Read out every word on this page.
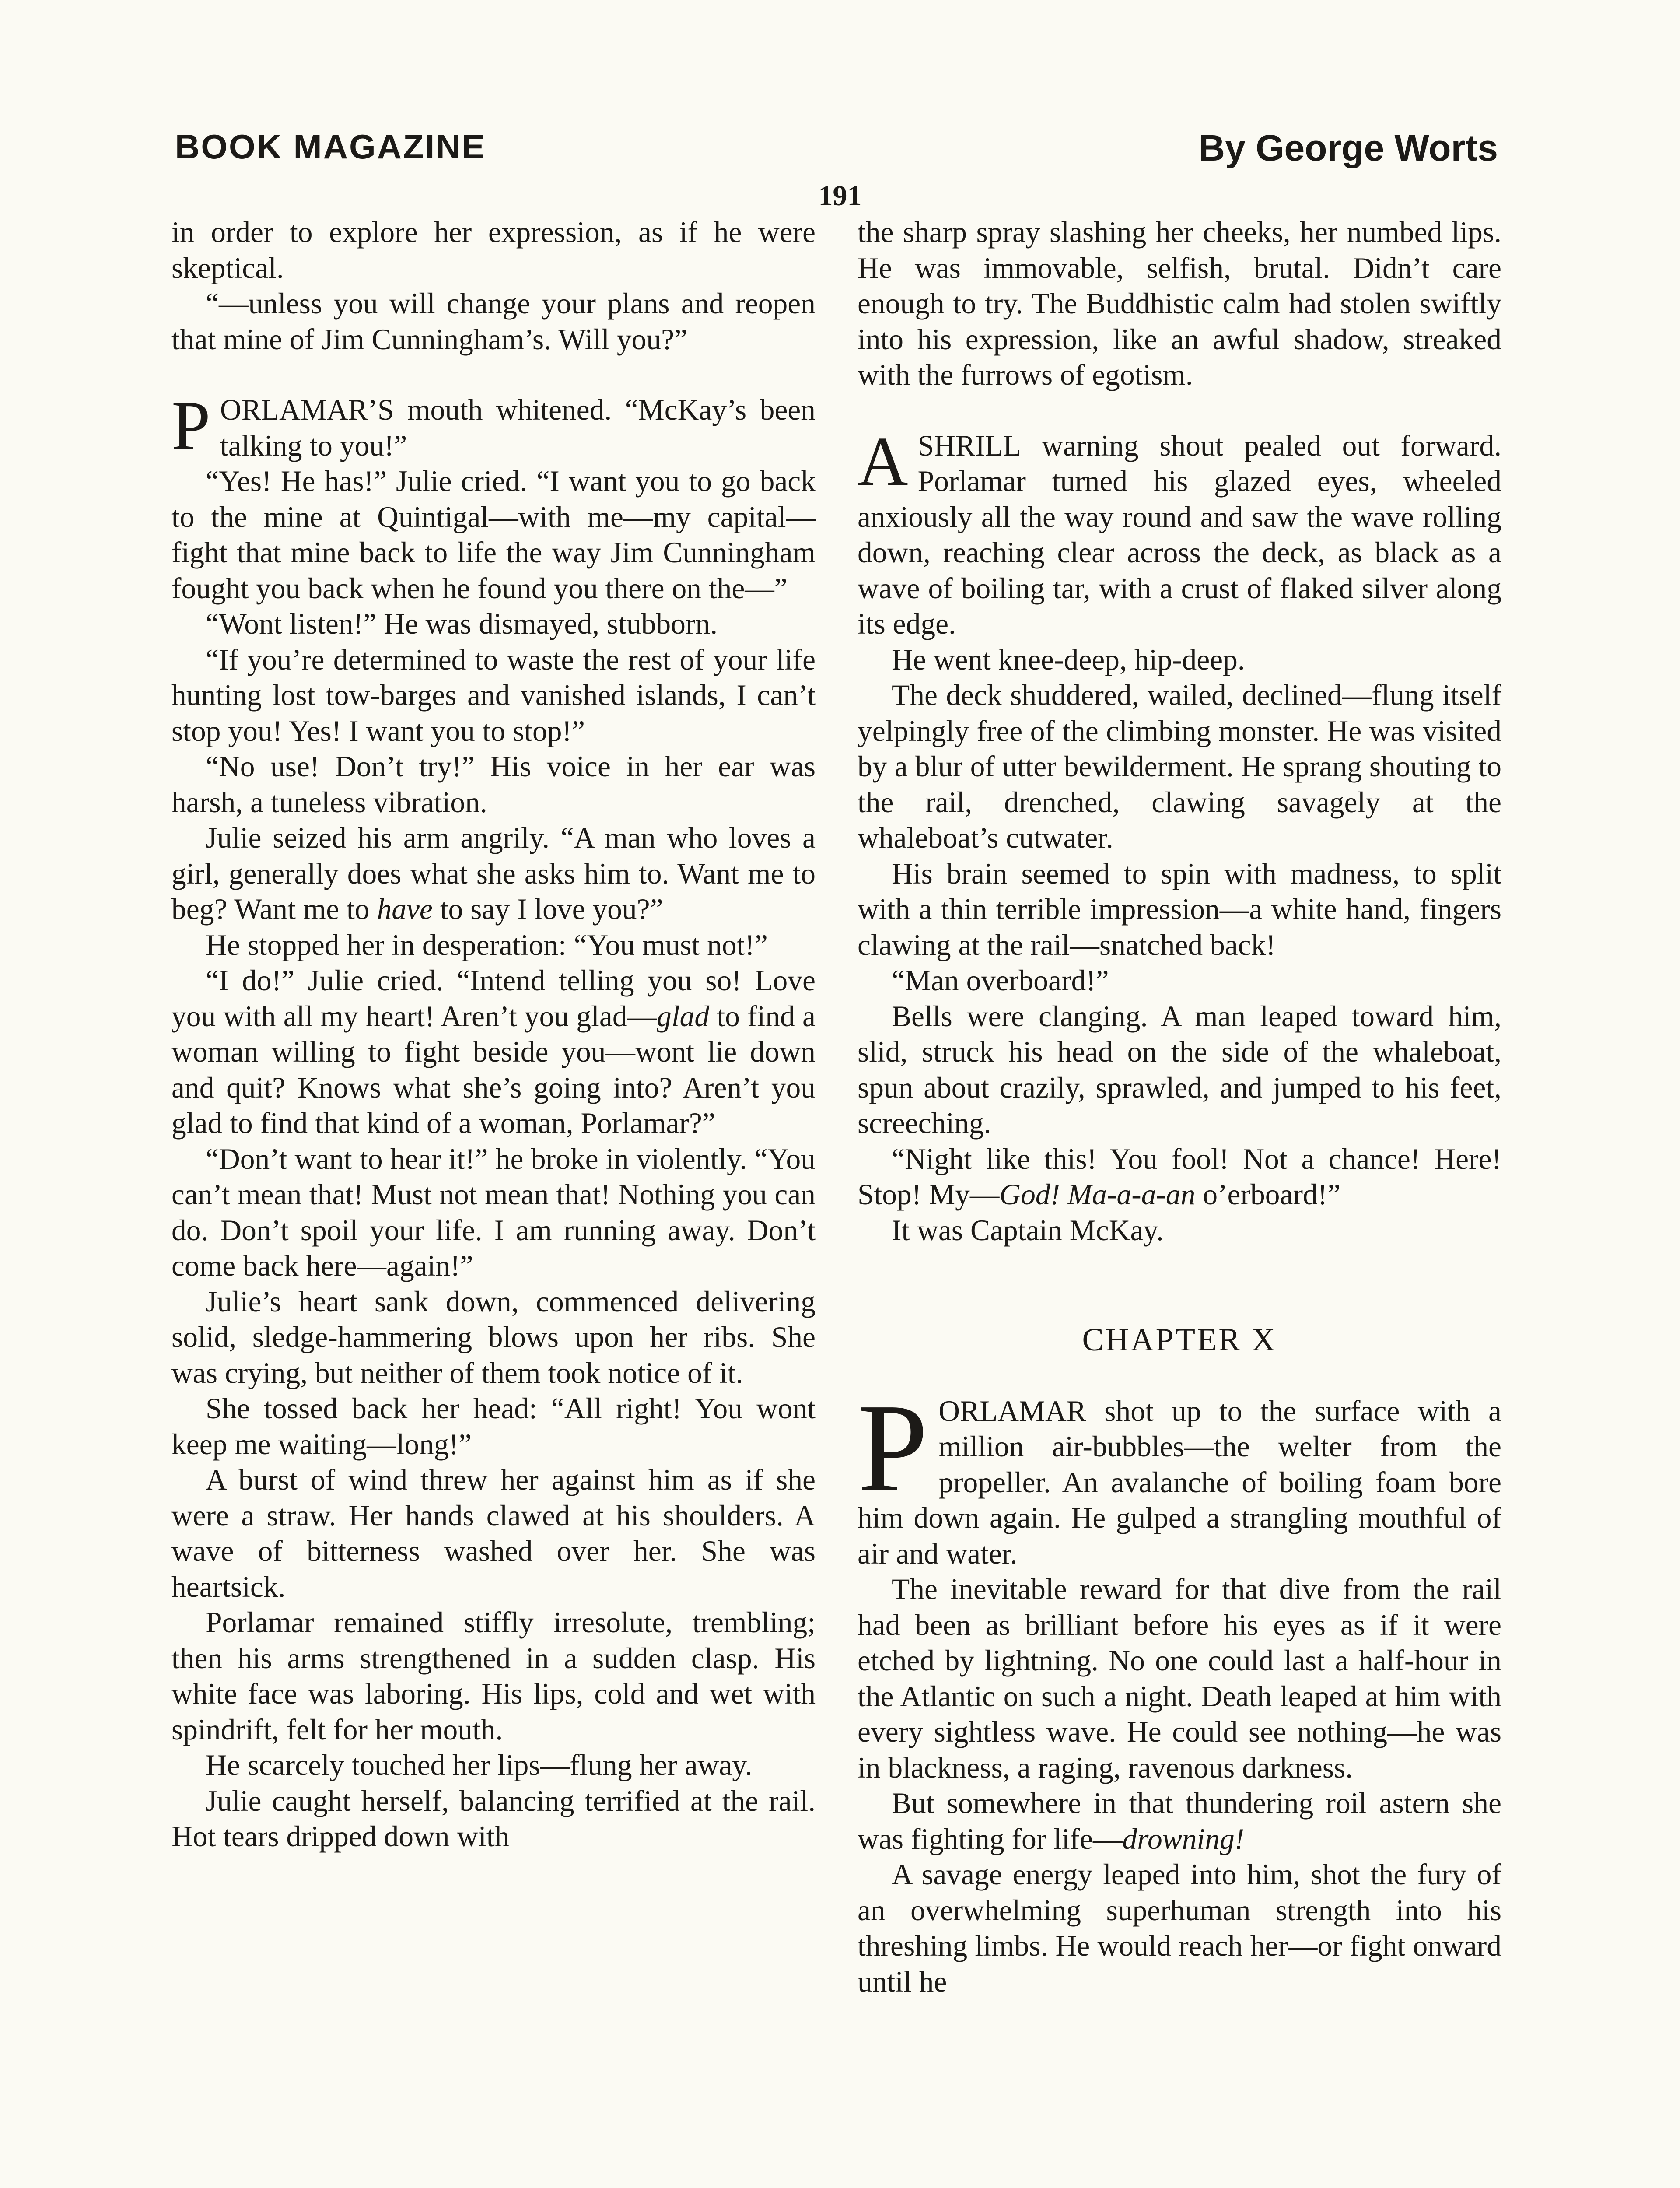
BOOK MAGAZINE	By George Worts
191

in order to explore her expression, as if he were skeptical.

“—unless you will change your plans and reopen that mine of Jim Cunningham’s. Will you?”

PORLAMAR’S mouth whitened. “McKay’s been talking to you!”

“Yes! He has!” Julie cried. “I want you to go back to the mine at Quintigal—with me—my capital—fight that mine back to life the way Jim Cunningham fought you back when he found you there on the—”

“Wont listen!” He was dismayed, stubborn.

“If you’re determined to waste the rest of your life hunting lost tow-barges and vanished islands, I can’t stop you! Yes! I want you to stop!”

“No use! Don’t try!” His voice in her ear was harsh, a tuneless vibration.

Julie seized his arm angrily. “A man who loves a girl, generally does what she asks him to. Want me to beg? Want me to have to say I love you?”

He stopped her in desperation: “You must not!”

“I do!” Julie cried. “Intend telling you so! Love you with all my heart! Aren’t you glad—glad to find a woman willing to fight beside you—wont lie down and quit? Knows what she’s going into? Aren’t you glad to find that kind of a woman, Porlamar?”

“Don’t want to hear it!” he broke in violently. “You can’t mean that! Must not mean that! Nothing you can do. Don’t spoil your life. I am running away. Don’t come back here—again!”

Julie’s heart sank down, commenced delivering solid, sledge-hammering blows upon her ribs. She was crying, but neither of them took notice of it.

She tossed back her head: “All right! You wont keep me waiting—long!”

A burst of wind threw her against him as if she were a straw. Her hands clawed at his shoulders. A wave of bitterness washed over her. She was heartsick.

Porlamar remained stiffly irresolute, trembling; then his arms strengthened in a sudden clasp. His white face was laboring. His lips, cold and wet with spindrift, felt for her mouth.

He scarcely touched her lips—flung her away.

Julie caught herself, balancing terrified at the rail. Hot tears dripped down with

the sharp spray slashing her cheeks, her numbed lips. He was immovable, selfish, brutal. Didn’t care enough to try. The Buddhistic calm had stolen swiftly into his expression, like an awful shadow, streaked with the furrows of egotism.

ASHRILL warning shout pealed out forward. Porlamar turned his glazed eyes, wheeled anxiously all the way round and saw the wave rolling down, reaching clear across the deck, as black as a wave of boiling tar, with a crust of flaked silver along its edge.

He went knee-deep, hip-deep.

The deck shuddered, wailed, declined—flung itself yelpingly free of the climbing monster. He was visited by a blur of utter bewilderment. He sprang shouting to the rail, drenched, clawing savagely at the whaleboat’s cutwater.

His brain seemed to spin with madness, to split with a thin terrible impression—a white hand, fingers clawing at the rail—snatched back!

“Man overboard!”

Bells were clanging. A man leaped toward him, slid, struck his head on the side of the whaleboat, spun about crazily, sprawled, and jumped to his feet, screeching.

“Night like this! You fool! Not a chance! Here! Stop! My—God! Ma-a-a-an o’erboard!”

It was Captain McKay.

CHAPTER X

PORLAMAR shot up to the surface with a million air-bubbles—the welter from the propeller. An avalanche of boiling foam bore him down again. He gulped a strangling mouthful of air and water.

The inevitable reward for that dive from the rail had been as brilliant before his eyes as if it were etched by lightning. No one could last a half-hour in the Atlantic on such a night. Death leaped at him with every sightless wave. He could see nothing—he was in blackness, a raging, ravenous darkness.

But somewhere in that thundering roil astern she was fighting for life—drowning!

A savage energy leaped into him, shot the fury of an overwhelming superhuman strength into his threshing limbs. He would reach her—or fight onward until he
